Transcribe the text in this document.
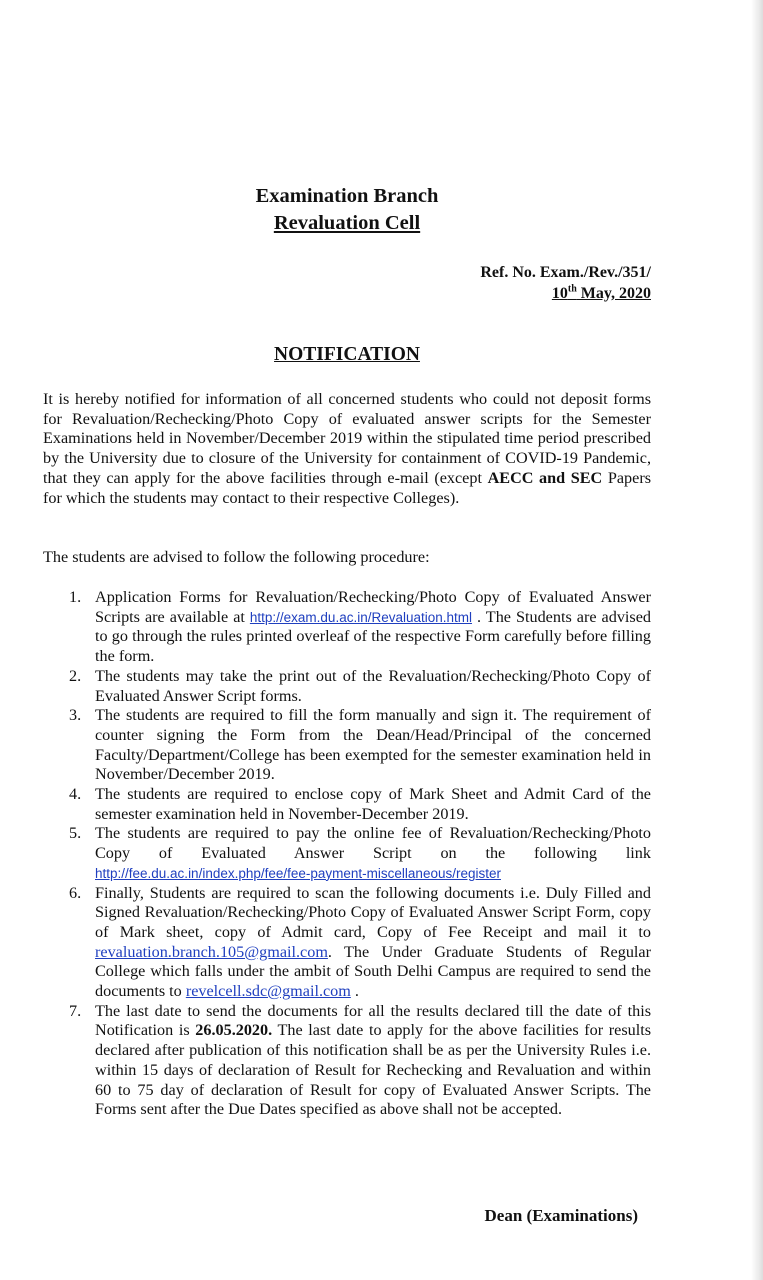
Examination Branch
Revaluation Cell
Ref. No. Exam./Rev./351/
10th May, 2020
NOTIFICATION
It is hereby notified for information of all concerned students who could not deposit forms for Revaluation/Rechecking/Photo Copy of evaluated answer scripts for the Semester Examinations held in November/December 2019 within the stipulated time period prescribed by the University due to closure of the University for containment of COVID-19 Pandemic, that they can apply for the above facilities through e-mail (except AECC and SEC Papers for which the students may contact to their respective Colleges).
The students are advised to follow the following procedure:
1. Application Forms for Revaluation/Rechecking/Photo Copy of Evaluated Answer Scripts are available at http://exam.du.ac.in/Revaluation.html . The Students are advised to go through the rules printed overleaf of the respective Form carefully before filling the form.
2. The students may take the print out of the Revaluation/Rechecking/Photo Copy of Evaluated Answer Script forms.
3. The students are required to fill the form manually and sign it. The requirement of counter signing the Form from the Dean/Head/Principal of the concerned Faculty/Department/College has been exempted for the semester examination held in November/December 2019.
4. The students are required to enclose copy of Mark Sheet and Admit Card of the semester examination held in November-December 2019.
5. The students are required to pay the online fee of Revaluation/Rechecking/Photo Copy of Evaluated Answer Script on the following link http://fee.du.ac.in/index.php/fee/fee-payment-miscellaneous/register
6. Finally, Students are required to scan the following documents i.e. Duly Filled and Signed Revaluation/Rechecking/Photo Copy of Evaluated Answer Script Form, copy of Mark sheet, copy of Admit card, Copy of Fee Receipt and mail it to revaluation.branch.105@gmail.com. The Under Graduate Students of Regular College which falls under the ambit of South Delhi Campus are required to send the documents to revelcell.sdc@gmail.com .
7. The last date to send the documents for all the results declared till the date of this Notification is 26.05.2020. The last date to apply for the above facilities for results declared after publication of this notification shall be as per the University Rules i.e. within 15 days of declaration of Result for Rechecking and Revaluation and within 60 to 75 day of declaration of Result for copy of Evaluated Answer Scripts. The Forms sent after the Due Dates specified as above shall not be accepted.
Dean (Examinations)
